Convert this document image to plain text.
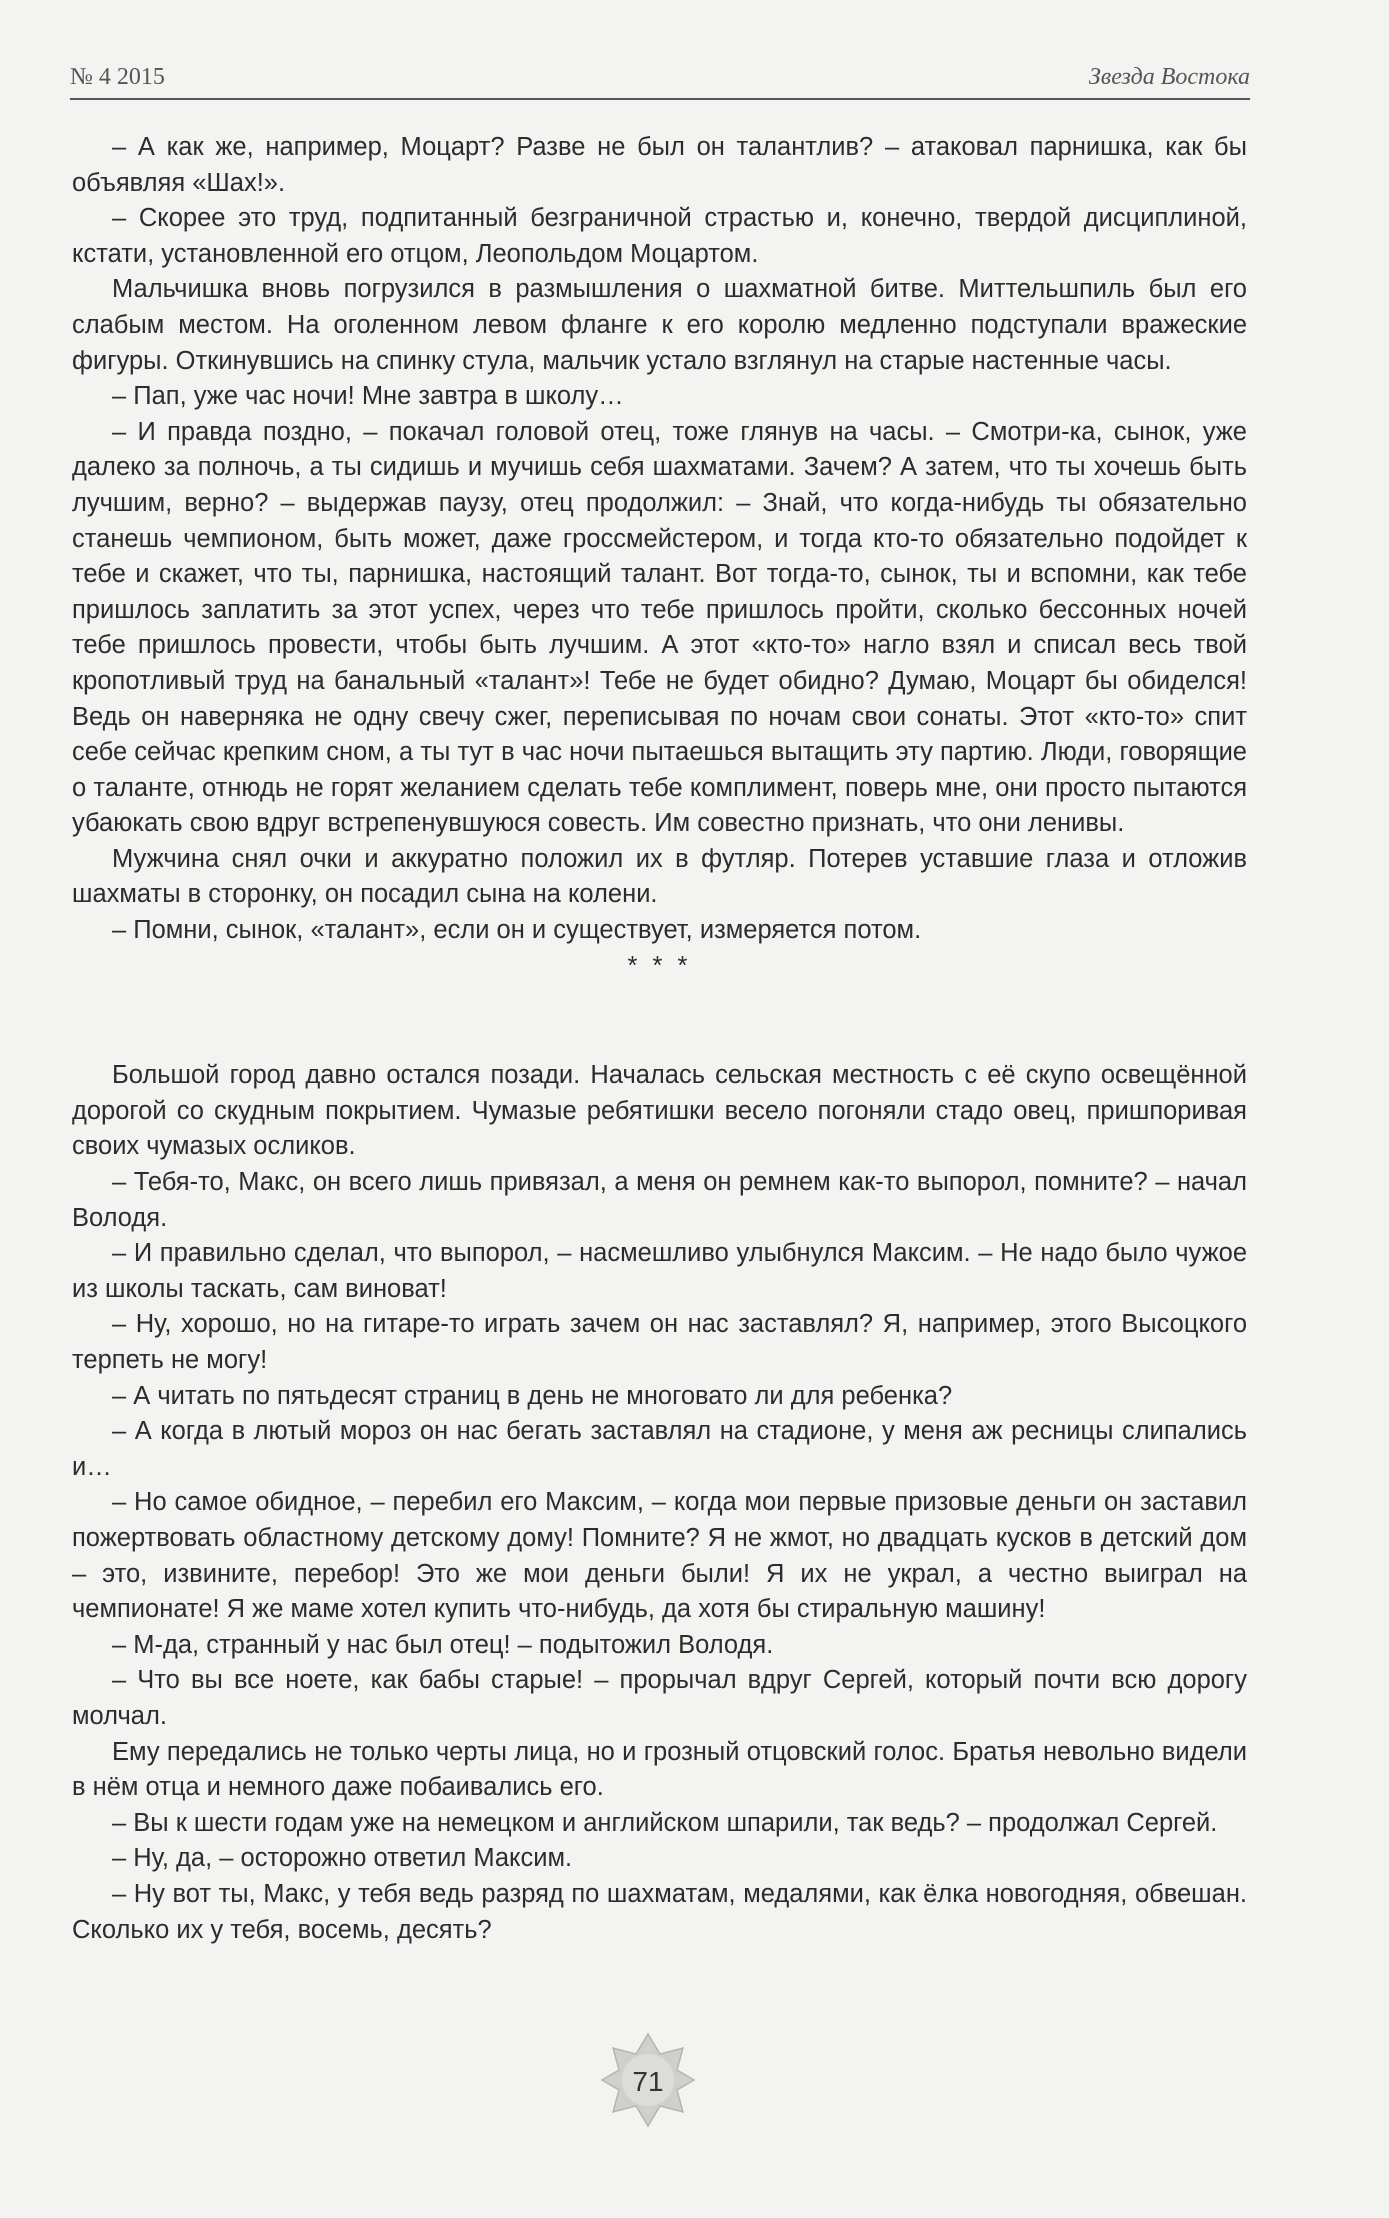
№ 4 2015	Звезда Востока

– А как же, например, Моцарт? Разве не был он талантлив? – атаковал парнишка, как бы объявляя «Шах!».

– Скорее это труд, подпитанный безграничной страстью и, конечно, твердой дисциплиной, кстати, установленной его отцом, Леопольдом Моцартом.

Мальчишка вновь погрузился в размышления о шахматной битве. Миттельшпиль был его слабым местом. На оголенном левом фланге к его королю медленно подступали вражеские фигуры. Откинувшись на спинку стула, мальчик устало взглянул на старые настенные часы.

– Пап, уже час ночи! Мне завтра в школу…

– И правда поздно, – покачал головой отец, тоже глянув на часы. – Смотри-ка, сынок, уже далеко за полночь, а ты сидишь и мучишь себя шахматами. Зачем? А затем, что ты хочешь быть лучшим, верно? – выдержав паузу, отец продолжил: – Знай, что когда-нибудь ты обязательно станешь чемпионом, быть может, даже гроссмейстером, и тогда кто-то обязательно подойдет к тебе и скажет, что ты, парнишка, настоящий талант. Вот тогда-то, сынок, ты и вспомни, как тебе пришлось заплатить за этот успех, через что тебе пришлось пройти, сколько бессонных ночей тебе пришлось провести, чтобы быть лучшим. А этот «кто-то» нагло взял и списал весь твой кропотливый труд на банальный «талант»! Тебе не будет обидно? Думаю, Моцарт бы обиделся! Ведь он наверняка не одну свечу сжег, переписывая по ночам свои сонаты. Этот «кто-то» спит себе сейчас крепким сном, а ты тут в час ночи пытаешься вытащить эту партию. Люди, говорящие о таланте, отнюдь не горят желанием сделать тебе комплимент, поверь мне, они просто пытаются убаюкать свою вдруг встрепенувшуюся совесть. Им совестно признать, что они ленивы.

Мужчина снял очки и аккуратно положил их в футляр. Потерев уставшие глаза и отложив шахматы в сторонку, он посадил сына на колени.

– Помни, сынок, «талант», если он и существует, измеряется потом.

* * *

Большой город давно остался позади. Началась сельская местность с её скупо освещённой дорогой со скудным покрытием. Чумазые ребятишки весело погоняли стадо овец, пришпоривая своих чумазых осликов.

– Тебя-то, Макс, он всего лишь привязал, а меня он ремнем как-то выпорол, помните? – начал Володя.

– И правильно сделал, что выпорол, – насмешливо улыбнулся Максим. – Не надо было чужое из школы таскать, сам виноват!

– Ну, хорошо, но на гитаре-то играть зачем он нас заставлял? Я, например, этого Высоцкого терпеть не могу!

– А читать по пятьдесят страниц в день не многовато ли для ребенка?

– А когда в лютый мороз он нас бегать заставлял на стадионе, у меня аж ресницы слипались и…

– Но самое обидное, – перебил его Максим, – когда мои первые призовые деньги он заставил пожертвовать областному детскому дому! Помните? Я не жмот, но двадцать кусков в детский дом – это, извините, перебор! Это же мои деньги были! Я их не украл, а честно выиграл на чемпионате! Я же маме хотел купить что-нибудь, да хотя бы стиральную машину!

– М-да, странный у нас был отец! – подытожил Володя.

– Что вы все ноете, как бабы старые! – прорычал вдруг Сергей, который почти всю дорогу молчал.

Ему передались не только черты лица, но и грозный отцовский голос. Братья невольно видели в нём отца и немного даже побаивались его.

– Вы к шести годам уже на немецком и английском шпарили, так ведь? – продолжал Сергей.

– Ну, да, – осторожно ответил Максим.

– Ну вот ты, Макс, у тебя ведь разряд по шахматам, медалями, как ёлка новогодняя, обвешан. Сколько их у тебя, восемь, десять?

71
